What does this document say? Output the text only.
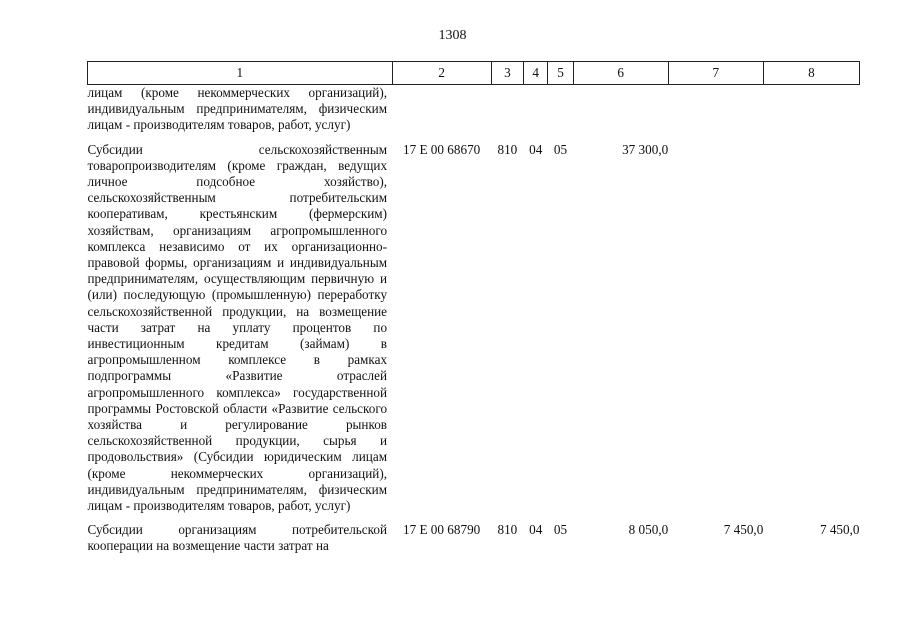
1308
1	2	3	4	5	6	7	8
лицам (кроме некоммерческих организаций), индивидуальным предпринимателям, физическим лицам - производителям товаров, работ, услуг)							

Субсидии сельскохозяйственным товаропроизводителям (кроме граждан, ведущих личное подсобное хозяйство), сельскохозяйственным потребительским кооперативам, крестьянским (фермерским) хозяйствам, организациям агропромышленного комплекса независимо от их организационно-правовой формы, организациям и индивидуальным предпринимателям, осуществляющим первичную и (или) последующую (промышленную) переработку сельскохозяйственной продукции, на возмещение части затрат на уплату процентов по инвестиционным кредитам (займам) в агропромышленном комплексе в рамках подпрограммы «Развитие отраслей агропромышленного комплекса» государственной программы Ростовской области «Развитие сельского хозяйства и регулирование рынков сельскохозяйственной продукции, сырья и продовольствия» (Субсидии юридическим лицам (кроме некоммерческих организаций), индивидуальным предпринимателям, физическим лицам - производителям товаров, работ, услуг)	17 Е 00 68670	810	04	05	37 300,0		

Субсидии организациям потребительской кооперации на возмещение части затрат на	17 Е 00 68790	810	04	05	8 050,0	7 450,0	7 450,0
